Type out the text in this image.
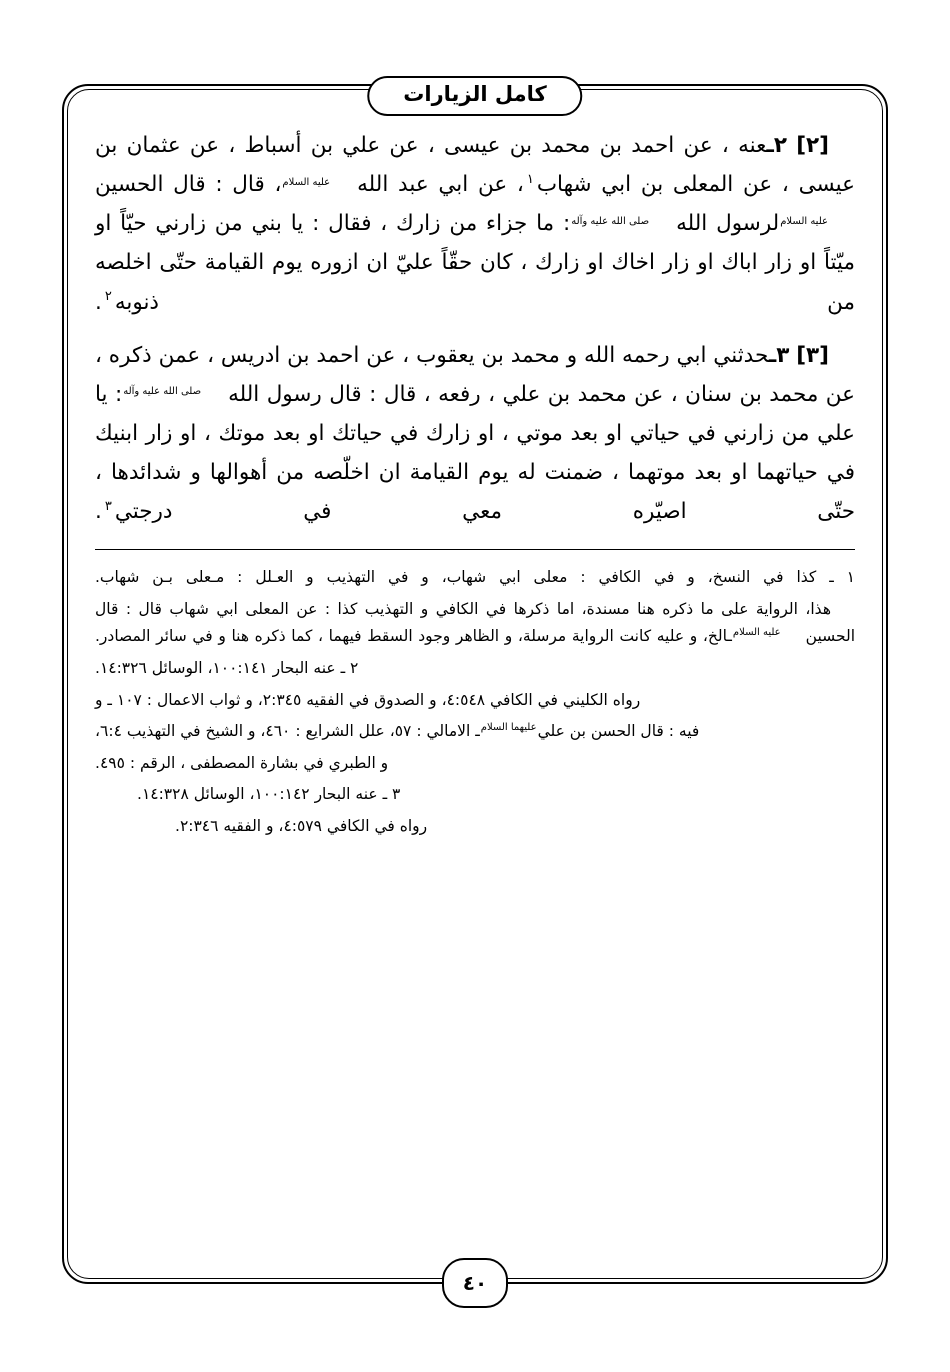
كامل الزيارات

[٢] ٢ـعنه ، عن احمد بن محمد بن عيسى ، عن علي بن أسباط ، عن عثمان بن عيسى ، عن المعلى بن ابي شهاب$^١$، عن ابي عبد اللهعليه السلام، قال : قال الحسينعليه السلاملرسول اللهصلى الله عليه وآله: ما جزاء من زارك ، فقال : يا بني من زارني حيّاً او ميّتاً او زار اباك او زار اخاك او زارك ، كان حقّاً عليّ ان ازوره يوم القيامة حتّى اخلصه من ذنوبه$^٢$.

[٣] ٣ـحدثني ابي رحمه الله و محمد بن يعقوب ، عن احمد بن ادريس ، عمن ذكره ، عن محمد بن سنان ، عن محمد بن علي ، رفعه ، قال : قال رسول اللهصلى الله عليه وآله: يا علي من زارني في حياتي او بعد موتي ، او زارك في حياتك او بعد موتك ، او زار ابنيك في حياتهما او بعد موتهما ، ضمنت له يوم القيامة ان اخلّصه من أهوالها و شدائدها ، حتّى اصيّره معي في درجتي$^٣$.

١ ـ كذا في النسخ، و في الكافي : معلى ابي شهاب، و في التهذيب و العـلل : مـعلى بـن شهاب.

هذا، الرواية على ما ذكره هنا مسندة، اما ذكرها في الكافي و التهذيب كذا : عن المعلى ابي شهاب قال : قال الحسينعليه السلامـالخ، و عليه كانت الرواية مرسلة، و الظاهر وجود السقط فيهما ، كما ذكره هنا و في سائر المصادر.

٢ ـ عنه البحار ١٠٠:١٤١، الوسائل ١٤:٣٢٦.

رواه الكليني في الكافي ٤:٥٤٨، و الصدوق في الفقيه ٢:٣٤٥، و ثواب الاعمال : ١٠٧ ـ و

فيه : قال الحسن بن عليعليهما السلامـ الامالي : ٥٧، علل الشرايع : ٤٦٠، و الشيخ في التهذيب ٦:٤،

و الطبري في بشارة المصطفى ، الرقم : ٤٩٥.

٣ ـ عنه البحار ١٠٠:١٤٢، الوسائل ١٤:٣٢٨.

رواه في الكافي ٤:٥٧٩، و الفقيه ٢:٣٤٦.

٤٠
